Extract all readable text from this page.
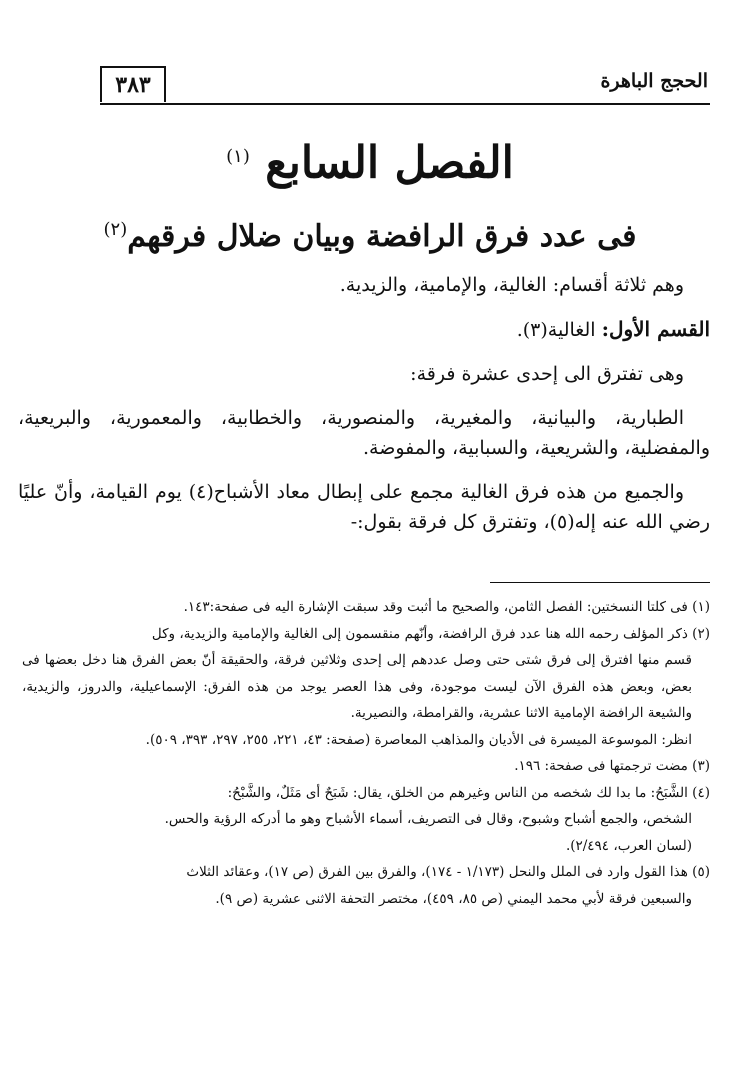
٣٨٣	الحجج الباهرة
الفصل السابع $^{(١)}$
فى عدد فرق الرافضة وبيان ضلال فرقهم$^{(٢)}$

وهم ثلاثة أقسام: الغالية، والإمامية، والزيدية.

القسم الأول: الغالية(٣).

وهى تفترق الى إحدى عشرة فرقة:

الطبارية، والبيانية، والمغيرية، والمنصورية، والخطابية، والمعمورية، والبريعية، والمفضلية، والشريعية، والسبابية، والمفوضة.

والجميع من هذه فرق الغالية مجمع على إبطال معاد الأشباح(٤) يوم القيامة، وأنّ عليًا رضي الله عنه إله(٥)، وتفترق كل فرقة بقول:-

(١) فى كلتا النسختين: الفصل الثامن، والصحيح ما أثبت وقد سبقت الإشارة اليه فى صفحة:١٤٣.

(٢) ذكر المؤلف رحمه الله هنا عدد فرق الرافضة، وأنّهم منقسمون إلى الغالية والإمامية والزيدية، وكل

قسم منها افترق إلى فرق شتى حتى وصل عددهم إلى إحدى وثلاثين فرقة، والحقيقة أنّ بعض الفرق هنا دخل بعضها فى بعض، وبعض هذه الفرق الآن ليست موجودة، وفى هذا العصر يوجد من هذه الفرق: الإسماعيلية، والدروز، والزيدية، والشيعة الرافضة الإمامية الاثنا عشرية، والقرامطة، والنصيرية.

انظر: الموسوعة الميسرة فى الأديان والمذاهب المعاصرة (صفحة: ٤٣، ٢٢١، ٢٥٥، ٢٩٧، ٣٩٣، ٥٠٩).

(٣) مضت ترجمتها فى صفحة: ١٩٦.

(٤) الشَّبَحُ: ما بدا لك شخصه من الناس وغيرهم من الخلق، يقال: شَبَحٌ أى مَثَلٌ، والشَّبْحُ:

الشخص، والجمع أشباح وشبوح، وقال فى التصريف، أسماء الأشباح وهو ما أدركه الرؤية والحس.

(لسان العرب، ٢/٤٩٤).

(٥) هذا القول وارد فى الملل والنحل (١/١٧٣ - ١٧٤)، والفرق بين الفرق (ص ١٧)، وعقائد الثلاث

والسبعين فرقة لأبي محمد اليمني (ص ٨٥، ٤٥٩)، مختصر التحفة الاثنى عشرية (ص ٩).
